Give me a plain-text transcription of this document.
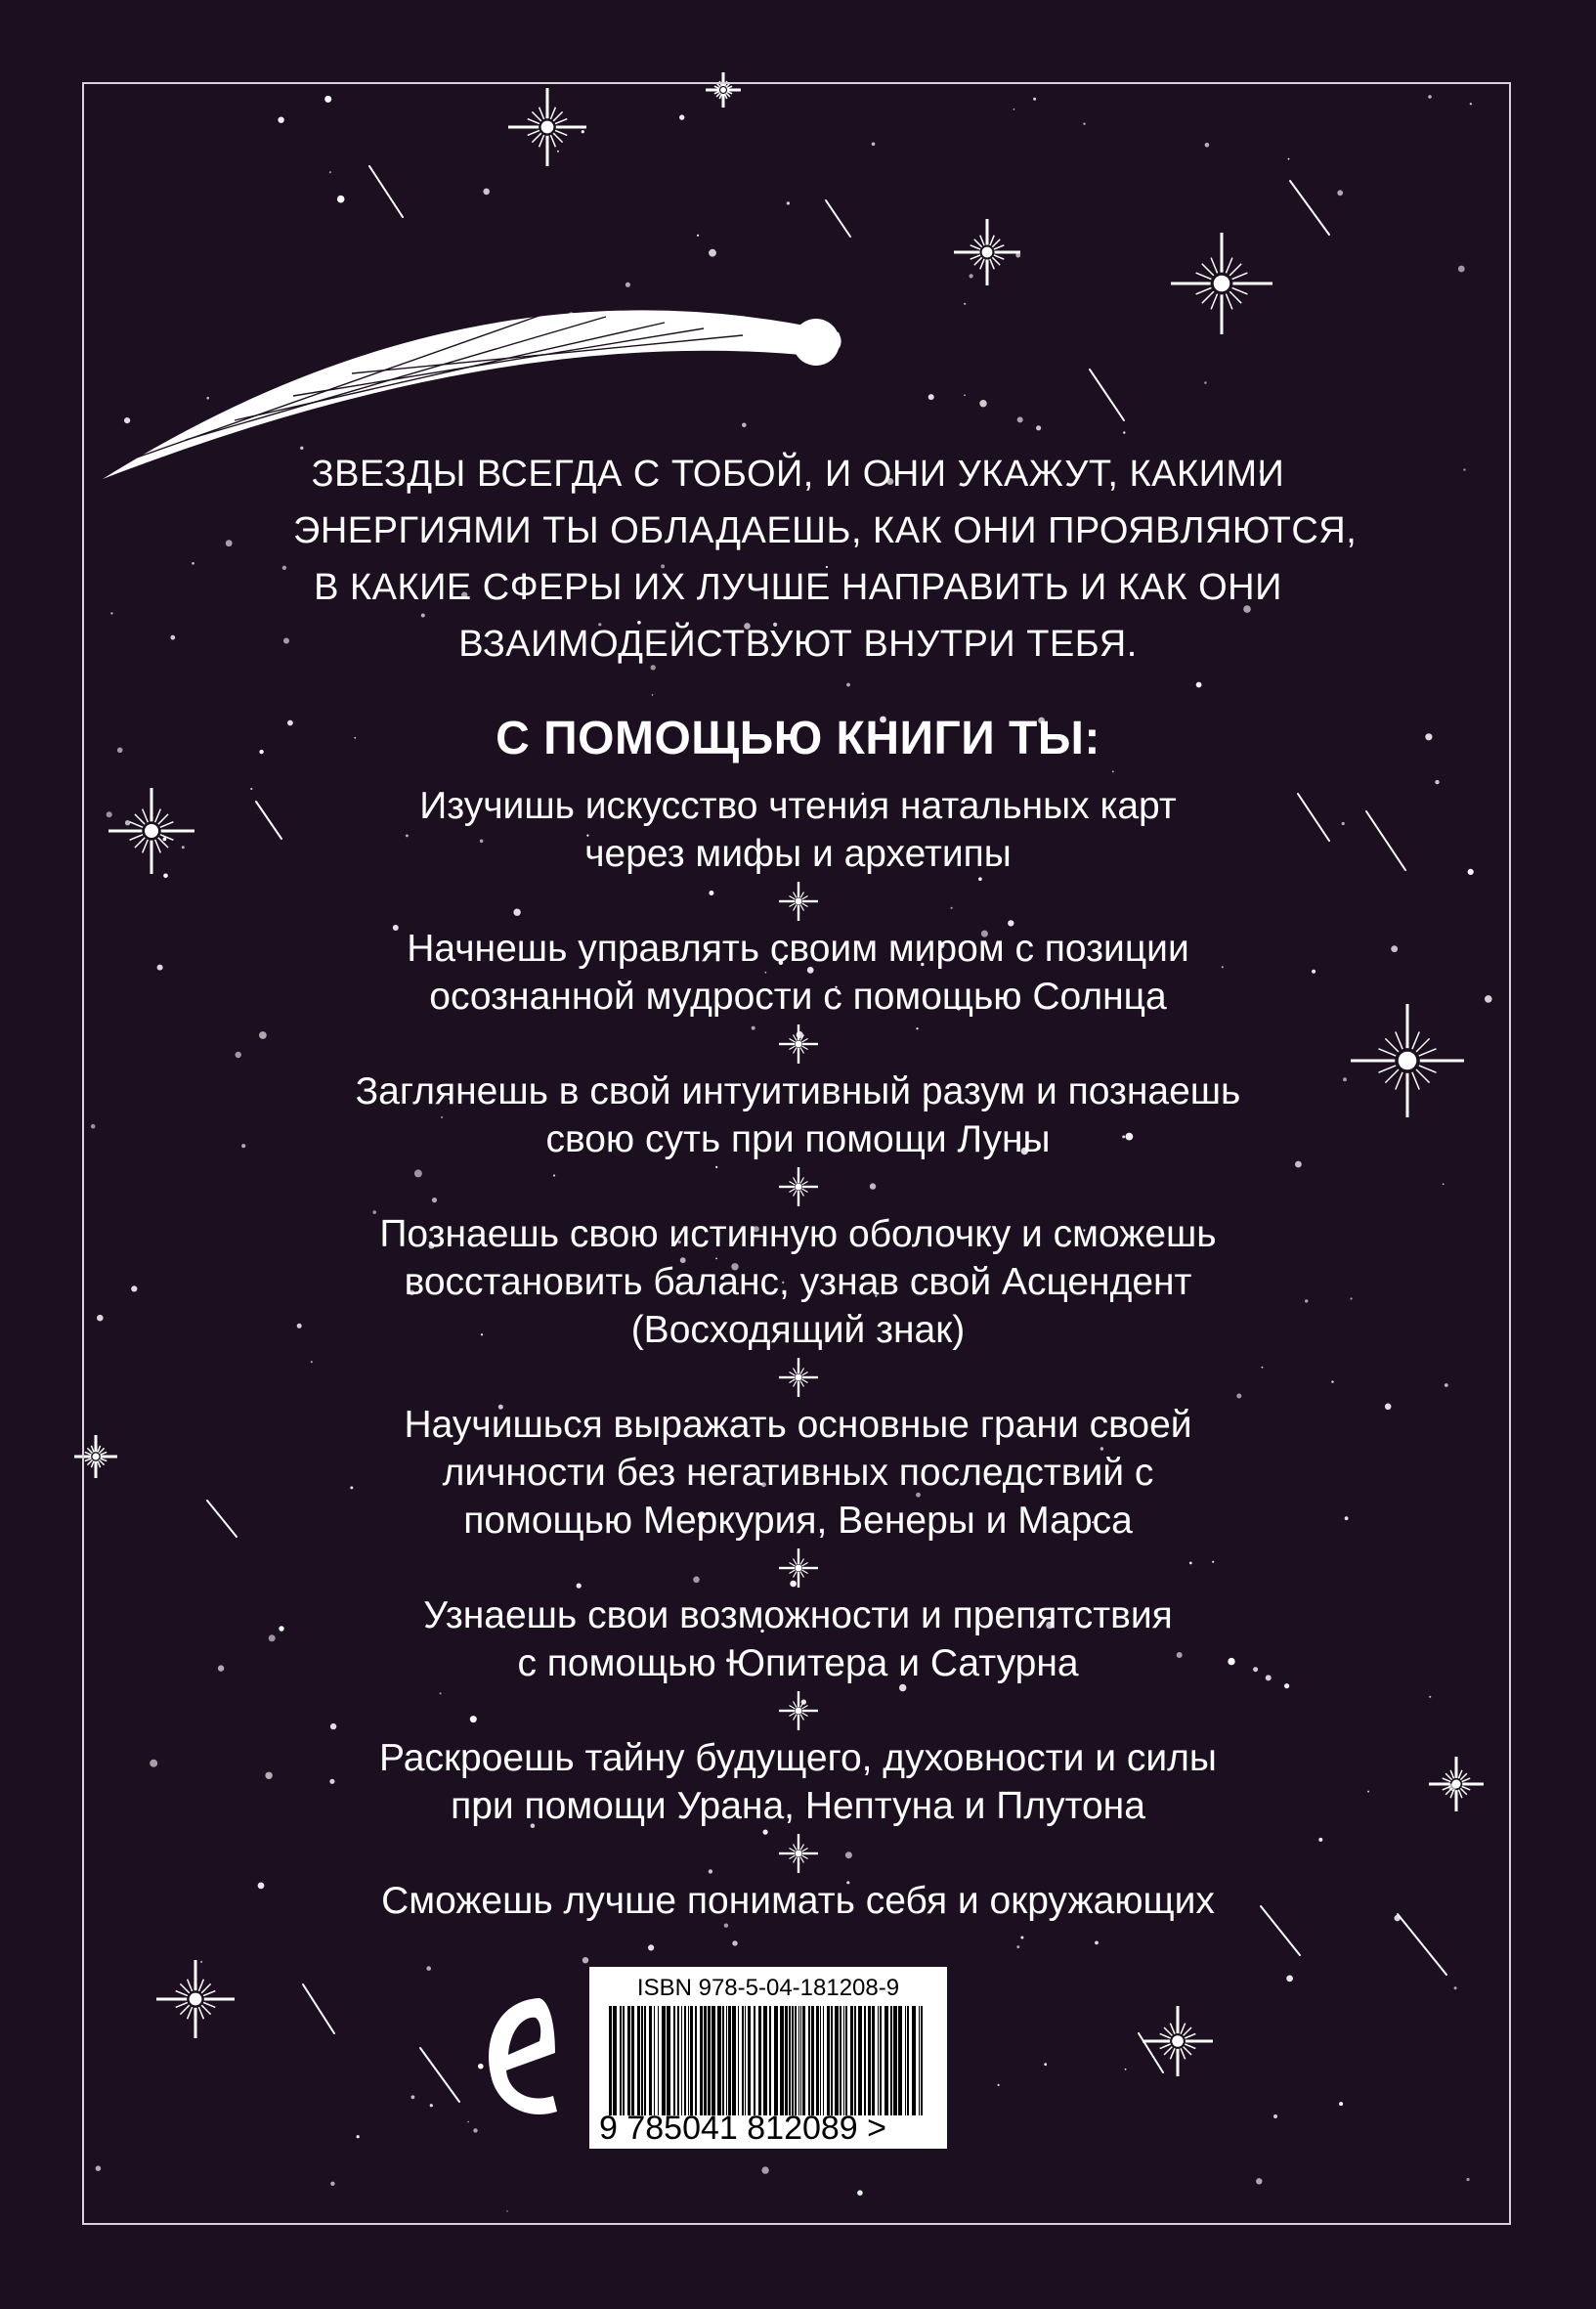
ЗВЕЗДЫ ВСЕГДА С ТОБОЙ, И ОНИ УКАЖУТ, КАКИМИ
ЭНЕРГИЯМИ ТЫ ОБЛАДАЕШЬ, КАК ОНИ ПРОЯВЛЯЮТСЯ,
В КАКИЕ СФЕРЫ ИХ ЛУЧШЕ НАПРАВИТЬ И КАК ОНИ
ВЗАИМОДЕЙСТВУЮТ ВНУТРИ ТЕБЯ.

С ПОМОЩЬЮ КНИГИ ТЫ:
Изучишь искусство чтения натальных карт
через мифы и архетипы
Начнешь управлять своим миром с позиции
осознанной мудрости с помощью Солнца
Заглянешь в свой интуитивный разум и познаешь
свою суть при помощи Луны
Познаешь свою истинную оболочку и сможешь
восстановить баланс, узнав свой Асцендент
(Восходящий знак)
Научишься выражать основные грани своей
личности без негативных последствий с
помощью Меркурия, Венеры и Марса
Узнаешь свои возможности и препятствия
с помощью Юпитера и Сатурна
Раскроешь тайну будущего, духовности и силы
при помощи Урана, Нептуна и Плутона
Сможешь лучше понимать себя и окружающих
ISBN 978-5-04-181208-9
9 785041 812089 >
